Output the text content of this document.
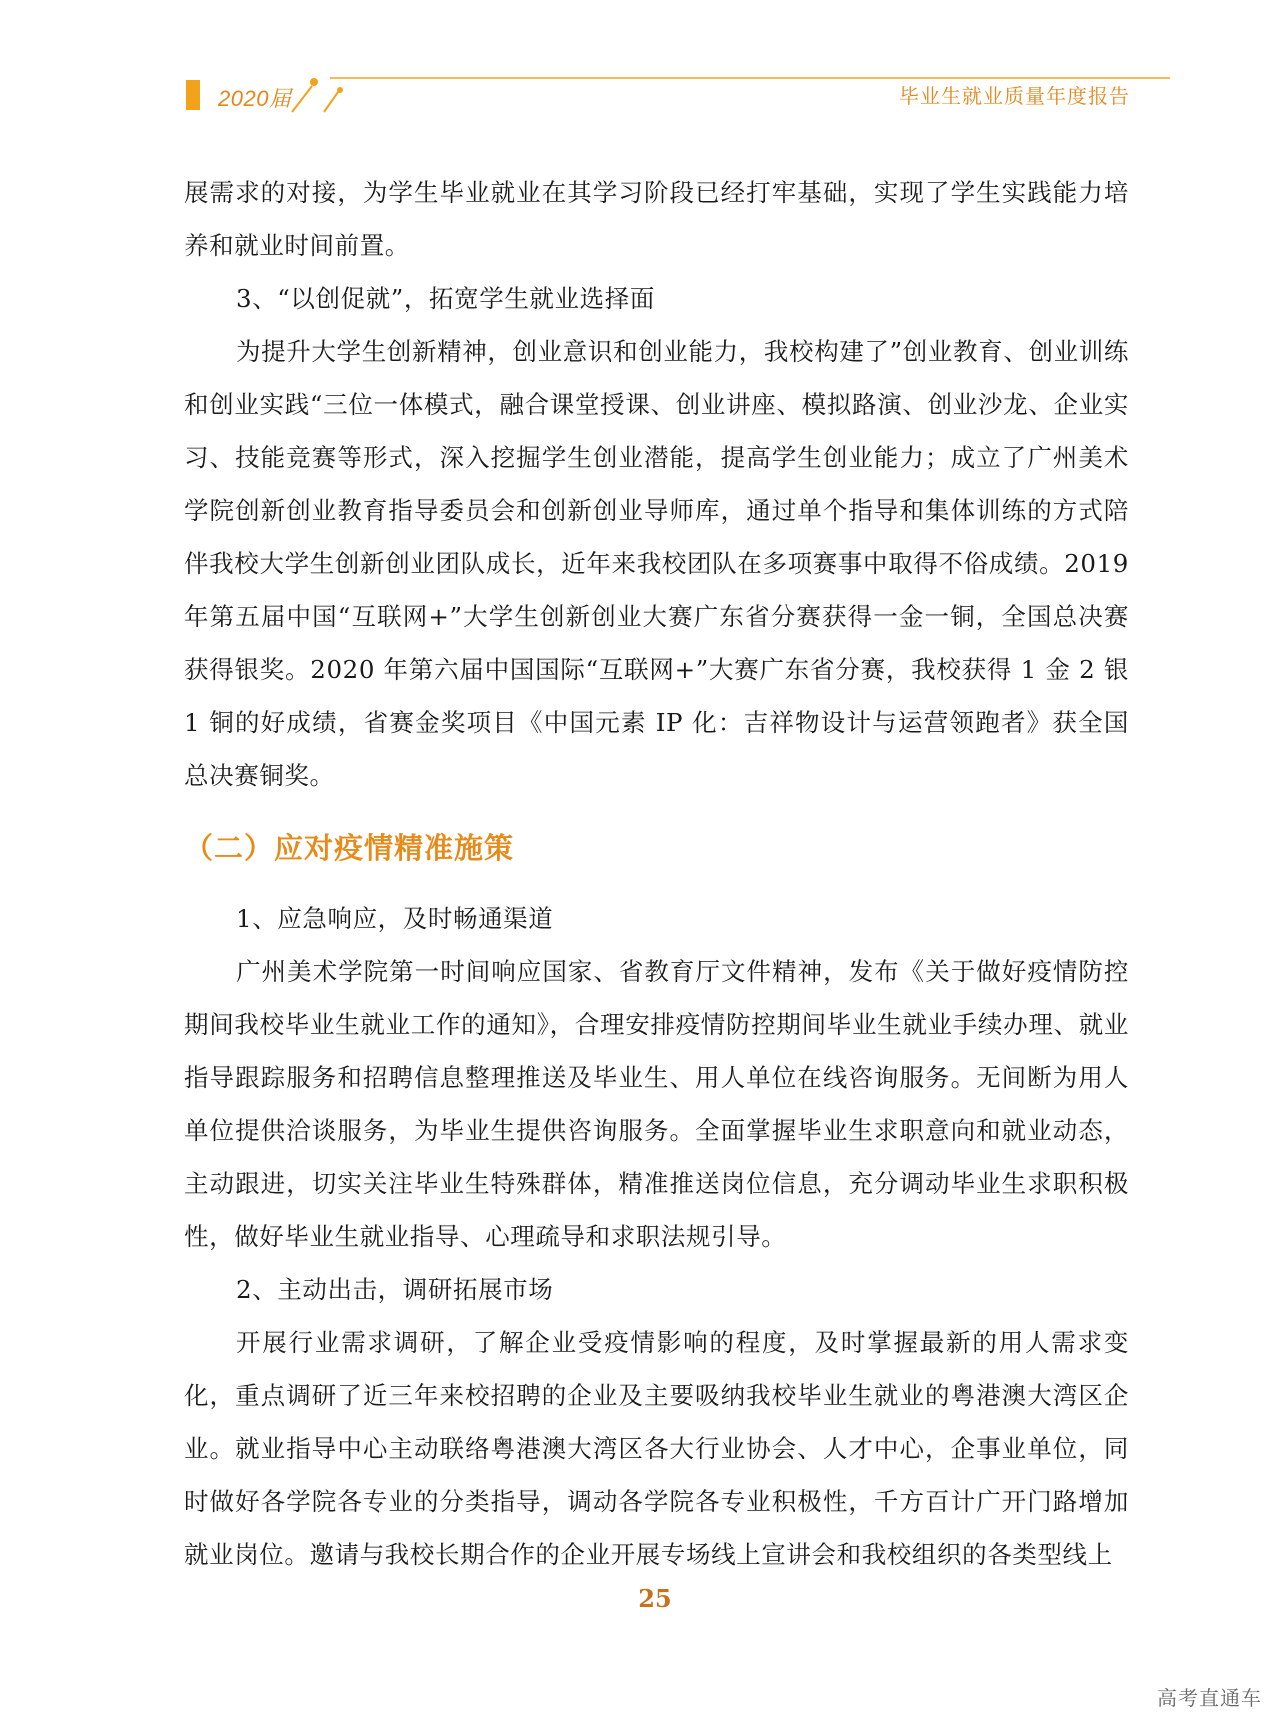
2020届	毕业生就业质量年度报告

展需求的对接，为学生毕业就业在其学习阶段已经打牢基础，实现了学生实践能力培养和就业时间前置。

3、“以创促就”，拓宽学生就业选择面

为提升大学生创新精神，创业意识和创业能力，我校构建了”创业教育、创业训练和创业实践“三位一体模式，融合课堂授课、创业讲座、模拟路演、创业沙龙、企业实习、技能竞赛等形式，深入挖掘学生创业潜能，提高学生创业能力；成立了广州美术学院创新创业教育指导委员会和创新创业导师库，通过单个指导和集体训练的方式陪伴我校大学生创新创业团队成长，近年来我校团队在多项赛事中取得不俗成绩。2019 年第五届中国“互联网+”大学生创新创业大赛广东省分赛获得一金一铜，全国总决赛获得银奖。2020 年第六届中国国际“互联网+”大赛广东省分赛，我校获得 1 金 2 银 1 铜的好成绩，省赛金奖项目《中国元素 IP 化：吉祥物设计与运营领跑者》获全国总决赛铜奖。

（二）应对疫情精准施策

1、应急响应，及时畅通渠道

广州美术学院第一时间响应国家、省教育厅文件精神，发布《关于做好疫情防控期间我校毕业生就业工作的通知》，合理安排疫情防控期间毕业生就业手续办理、就业指导跟踪服务和招聘信息整理推送及毕业生、用人单位在线咨询服务。无间断为用人单位提供洽谈服务，为毕业生提供咨询服务。全面掌握毕业生求职意向和就业动态，主动跟进，切实关注毕业生特殊群体，精准推送岗位信息，充分调动毕业生求职积极性，做好毕业生就业指导、心理疏导和求职法规引导。

2、主动出击，调研拓展市场

开展行业需求调研，了解企业受疫情影响的程度，及时掌握最新的用人需求变化，重点调研了近三年来校招聘的企业及主要吸纳我校毕业生就业的粤港澳大湾区企业。就业指导中心主动联络粤港澳大湾区各大行业协会、人才中心，企事业单位，同时做好各学院各专业的分类指导，调动各学院各专业积极性，千方百计广开门路增加就业岗位。邀请与我校长期合作的企业开展专场线上宣讲会和我校组织的各类型线上

25
高考直通车
